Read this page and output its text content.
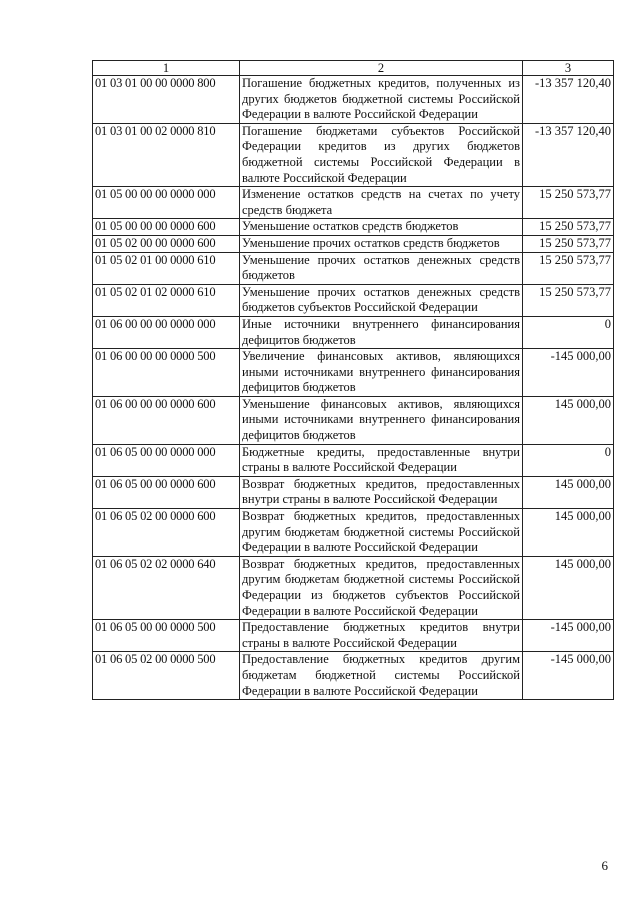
1	2	3
01 03 01 00 00 0000 800	Погашение бюджетных кредитов, полученных из других бюджетов бюджетной системы Российской Федерации в валюте Российской Федерации	-13 357 120,40
01 03 01 00 02 0000 810	Погашение бюджетами субъектов Российской Федерации кредитов из других бюджетов бюджетной системы Российской Федерации в валюте Российской Федерации	-13 357 120,40
01 05 00 00 00 0000 000	Изменение остатков средств на счетах по учету средств бюджета	15 250 573,77
01 05 00 00 00 0000 600	Уменьшение остатков средств бюджетов	15 250 573,77
01 05 02 00 00 0000 600	Уменьшение прочих остатков средств бюджетов	15 250 573,77
01 05 02 01 00 0000 610	Уменьшение прочих остатков денежных средств бюджетов	15 250 573,77
01 05 02 01 02 0000 610	Уменьшение прочих остатков денежных средств бюджетов субъектов Российской Федерации	15 250 573,77
01 06 00 00 00 0000 000	Иные источники внутреннего финансирования дефицитов бюджетов	0
01 06 00 00 00 0000 500	Увеличение финансовых активов, являющихся иными источниками внутреннего финансирования дефицитов бюджетов	-145 000,00
01 06 00 00 00 0000 600	Уменьшение финансовых активов, являющихся иными источниками внутреннего финансирования дефицитов бюджетов	145 000,00
01 06 05 00 00 0000 000	Бюджетные кредиты, предоставленные внутри страны в валюте Российской Федерации	0
01 06 05 00 00 0000 600	Возврат бюджетных кредитов, предоставленных внутри страны в валюте Российской Федерации	145 000,00
01 06 05 02 00 0000 600	Возврат бюджетных кредитов, предоставленных другим бюджетам бюджетной системы Российской Федерации в валюте Российской Федерации	145 000,00
01 06 05 02 02 0000 640	Возврат бюджетных кредитов, предоставленных другим бюджетам бюджетной системы Российской Федерации из бюджетов субъектов Российской Федерации в валюте Российской Федерации	145 000,00
01 06 05 00 00 0000 500	Предоставление бюджетных кредитов внутри страны в валюте Российской Федерации	-145 000,00
01 06 05 02 00 0000 500	Предоставление бюджетных кредитов другим бюджетам бюджетной системы Российской Федерации в валюте Российской Федерации	-145 000,00
6
